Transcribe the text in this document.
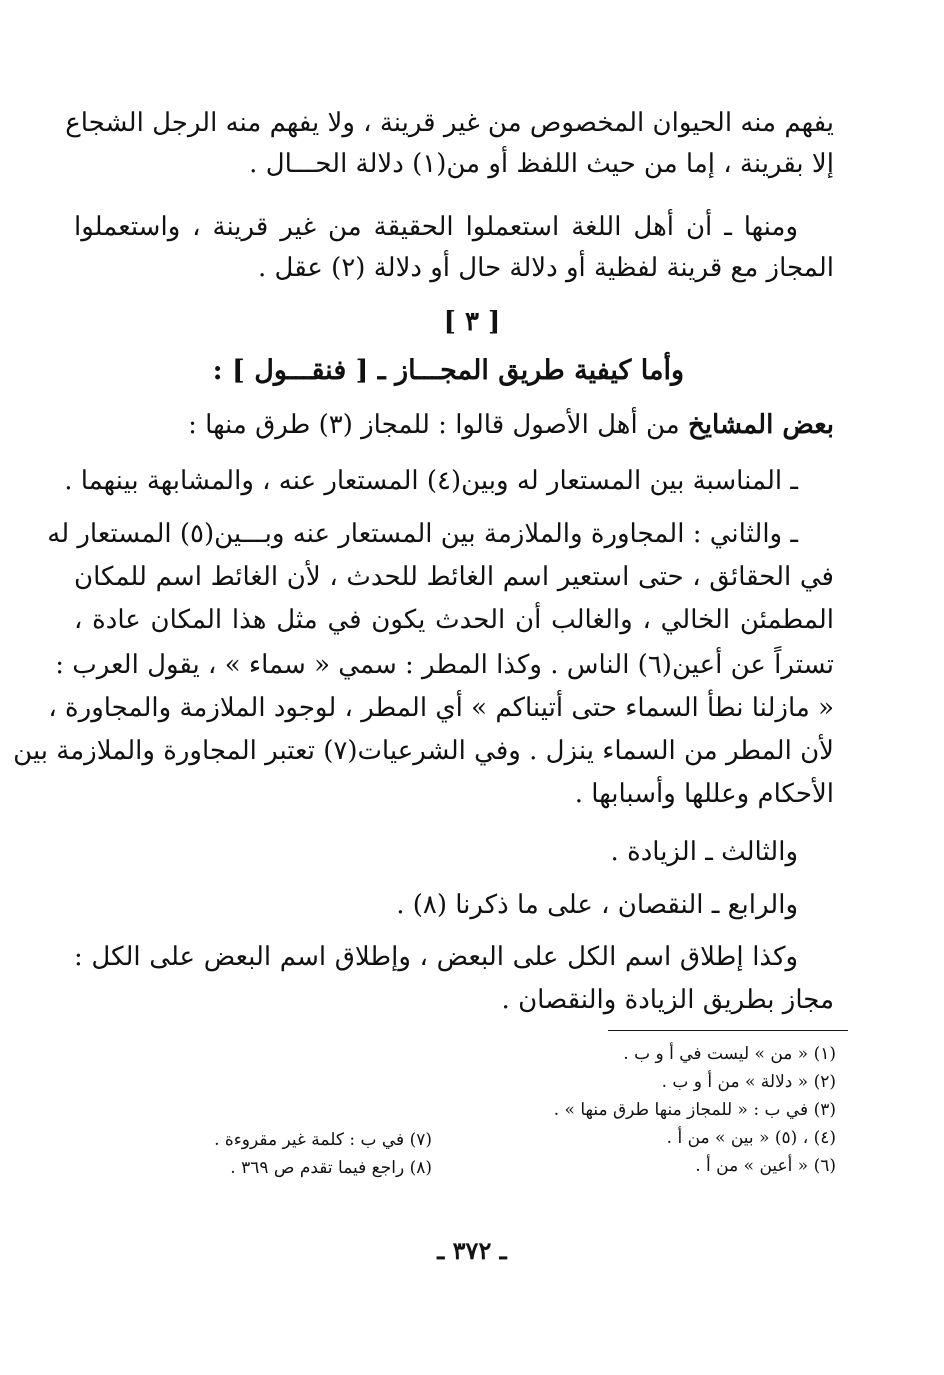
يفهم منه الحيوان المخصوص من غير قرينة ، ولا يفهم منه الرجل الشجاع
إلا بقرينة ، إما من حيث اللفظ أو من(١) دلالة الحـــال .
ومنها ـ أن أهل اللغة استعملوا الحقيقة من غير قرينة ، واستعملوا
المجاز مع قرينة لفظية أو دلالة حال أو دلالة (٢) عقل .
[ ٣ ]
وأما كيفية طريق المجـــاز ـ [ فنقـــول ] :
بعض المشايخ من أهل الأصول قالوا : للمجاز (٣) طرق منها :
ـ المناسبة بين المستعار له وبين(٤) المستعار عنه ، والمشابهة بينهما .
ـ والثاني : المجاورة والملازمة بين المستعار عنه وبـــين(٥) المستعار له
في الحقائق ، حتى استعير اسم الغائط للحدث ، لأن الغائط اسم للمكان
المطمئن الخالي ، والغالب أن الحدث يكون في مثل هذا المكان عادة ،
تستراً عن أعين(٦) الناس . وكذا المطر : سمي « سماء » ، يقول العرب :
« مازلنا نطأ السماء حتى أتيناكم » أي المطر ، لوجود الملازمة والمجاورة ،
لأن المطر من السماء ينزل . وفي الشرعيات(٧) تعتبر المجاورة والملازمة بين
الأحكام وعللها وأسبابها .
والثالث ـ الزيادة .
والرابع ـ النقصان ، على ما ذكرنا (٨) .
وكذا إطلاق اسم الكل على البعض ، وإطلاق اسم البعض على الكل :
مجاز بطريق الزيادة والنقصان .
(١) « من » ليست في أ و ب .
(٢) « دلالة » من أ و ب .
(٣) في ب : « للمجاز منها طرق منها » .
(٤) ، (٥) « بين » من أ .
(٦) « أعين » من أ .
(٧) في ب : كلمة غير مقروءة .
(٨) راجع فيما تقدم ص ٣٦٩ .
ـ ٣٧٢ ـ
